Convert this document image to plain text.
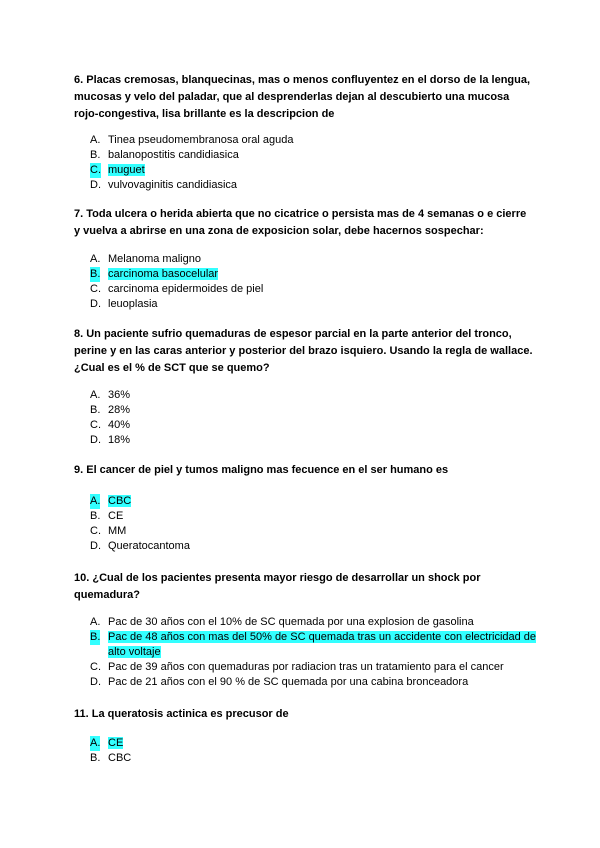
6. Placas cremosas, blanquecinas, mas o menos confluyentez en el dorso de la lengua, mucosas y velo del paladar, que al desprenderlas dejan al descubierto una mucosa rojo-congestiva, lisa brillante es la descripcion de
A. Tinea pseudomembranosa oral aguda
B. balanopostitis candidiasica
C. muguet
D. vulvovaginitis candidiasica
7. Toda ulcera o herida abierta que no cicatrice o persista mas de 4 semanas o e cierre y vuelva a abrirse en una zona de exposicion solar, debe hacernos sospechar:
A. Melanoma maligno
B. carcinoma basocelular
C. carcinoma epidermoides de piel
D. leuoplasia
8. Un paciente sufrio quemaduras de espesor parcial en la parte anterior del tronco, perine y en las caras anterior y posterior del brazo isquiero. Usando la regla de wallace. ¿Cual es el % de SCT que se quemo?
A. 36%
B. 28%
C. 40%
D. 18%
9. El cancer de piel y tumos maligno mas fecuence en el ser humano es
A. CBC
B. CE
C. MM
D. Queratocantoma
10. ¿Cual de los pacientes presenta mayor riesgo de desarrollar un shock por quemadura?
A. Pac de 30 años con el 10% de SC quemada por una explosion de gasolina
B. Pac de 48 años con mas del 50% de SC quemada tras un accidente con electricidad de alto voltaje
C. Pac de 39 años con quemaduras por radiacion tras un tratamiento para el cancer
D. Pac de 21 años con el 90 % de SC quemada por una cabina bronceadora
11. La queratosis actinica es precusor de
A. CE
B. CBC
